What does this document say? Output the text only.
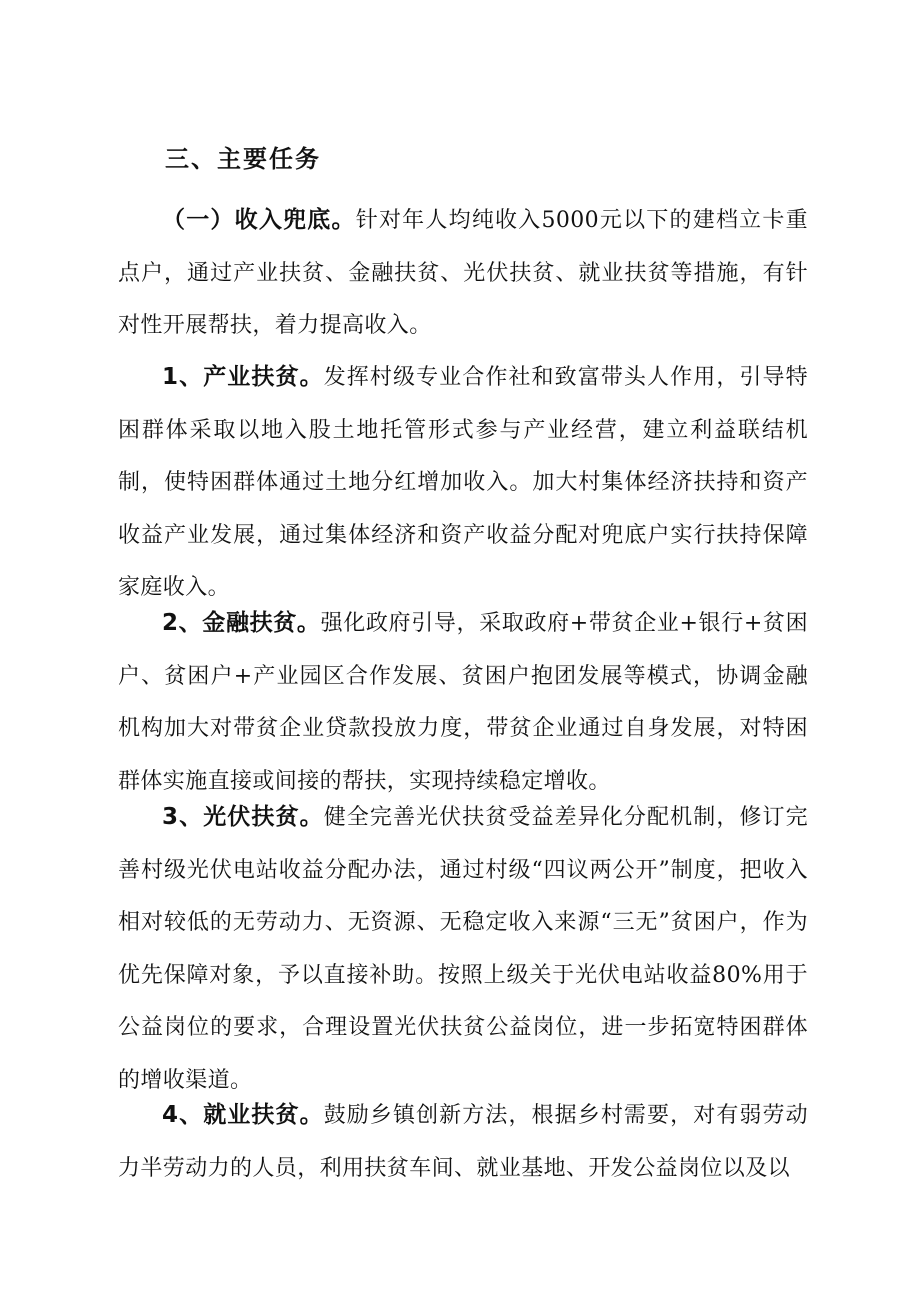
三、主要任务

（一）收入兜底。针对年人均纯收入5000元以下的建档立卡重点户，通过产业扶贫、金融扶贫、光伏扶贫、就业扶贫等措施，有针对性开展帮扶，着力提高收入。

1、产业扶贫。发挥村级专业合作社和致富带头人作用，引导特困群体采取以地入股土地托管形式参与产业经营，建立利益联结机制，使特困群体通过土地分红增加收入。加大村集体经济扶持和资产收益产业发展，通过集体经济和资产收益分配对兜底户实行扶持保障家庭收入。

2、金融扶贫。强化政府引导，采取政府+带贫企业+银行+贫困户、贫困户+产业园区合作发展、贫困户抱团发展等模式，协调金融机构加大对带贫企业贷款投放力度，带贫企业通过自身发展，对特困群体实施直接或间接的帮扶，实现持续稳定增收。

3、光伏扶贫。健全完善光伏扶贫受益差异化分配机制，修订完善村级光伏电站收益分配办法，通过村级“四议两公开”制度，把收入相对较低的无劳动力、无资源、无稳定收入来源“三无”贫困户，作为优先保障对象，予以直接补助。按照上级关于光伏电站收益80%用于公益岗位的要求，合理设置光伏扶贫公益岗位，进一步拓宽特困群体的增收渠道。

4、就业扶贫。鼓励乡镇创新方法，根据乡村需要，对有弱劳动力半劳动力的人员，利用扶贫车间、就业基地、开发公益岗位以及以
